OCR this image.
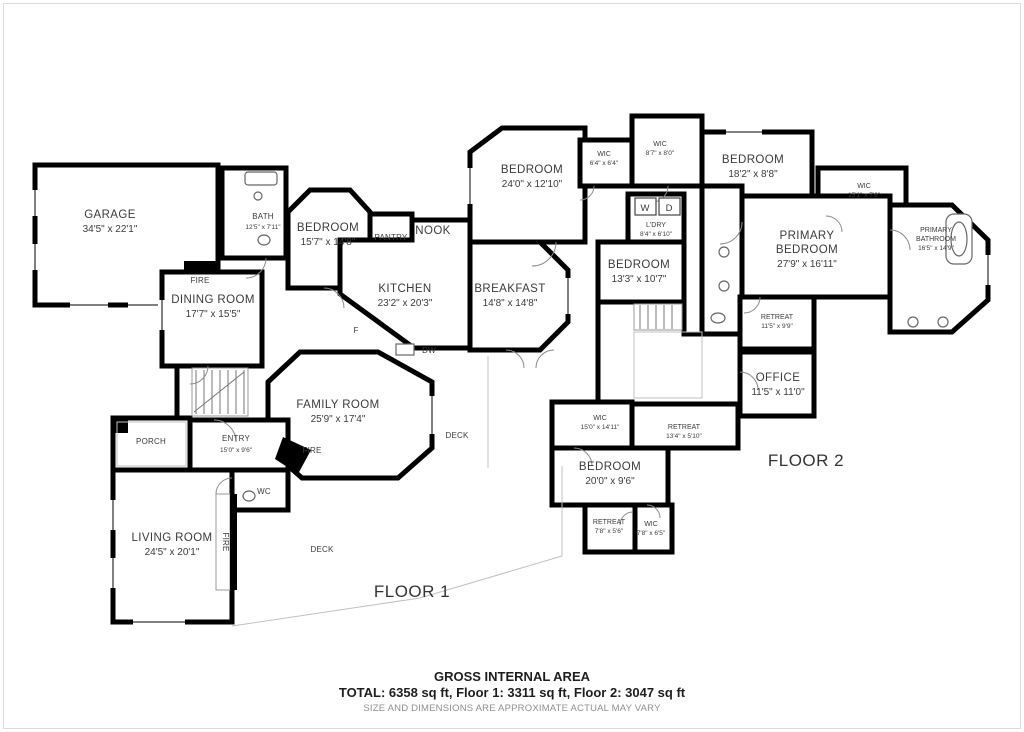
GARAGE
34'5" x 22'1"
BATH
12'5" x 7'11" BEDROOM
15'7" x 14'8"
DINING ROOM
17'7" x 15'5"
KITCHEN
23'2" x 20'3"
BREAKFAST
14'8" x 14'8"
FAMILY ROOM
25'9" x 17'4"
ENTRY
15'0" x 9'6"
LIVING ROOM
24'5" x 20'1"
PANTRY
NOOK
FIRE
F
DW
FIRE
PORCH
WC
FIRE
DECK
DECK
FLOOR 1
BEDROOM
24'0" x 12'10"
WIC
6'4" x 6'4"
WIC
8'7" x 8'0"
BEDROOM
18'2" x 8'8"
WIC
15'1" x 7'6"
PRIMARY
BEDROOM
27'9" x 16'11"
PRIMARY
BATHROOM
16'5" x 14'9"
L'DRY
8'4" x 6'10"
BEDROOM
13'3" x 10'7"
RETREAT
11'5" x 9'9"
OFFICE
11'5" x 11'0"
WIC
15'0" x 14'11"	RETREAT
13'4" x 5'10"
BEDROOM
20'0" x 9'6"
RETREAT
7'8" x 5'6"
WIC
7'8" x 6'5"
W D
FLOOR 2
GROSS INTERNAL AREA
TOTAL: 6358 sq ft, Floor 1: 3311 sq ft, Floor 2: 3047 sq ft
SIZE AND DIMENSIONS ARE APPROXIMATE ACTUAL MAY VARY
